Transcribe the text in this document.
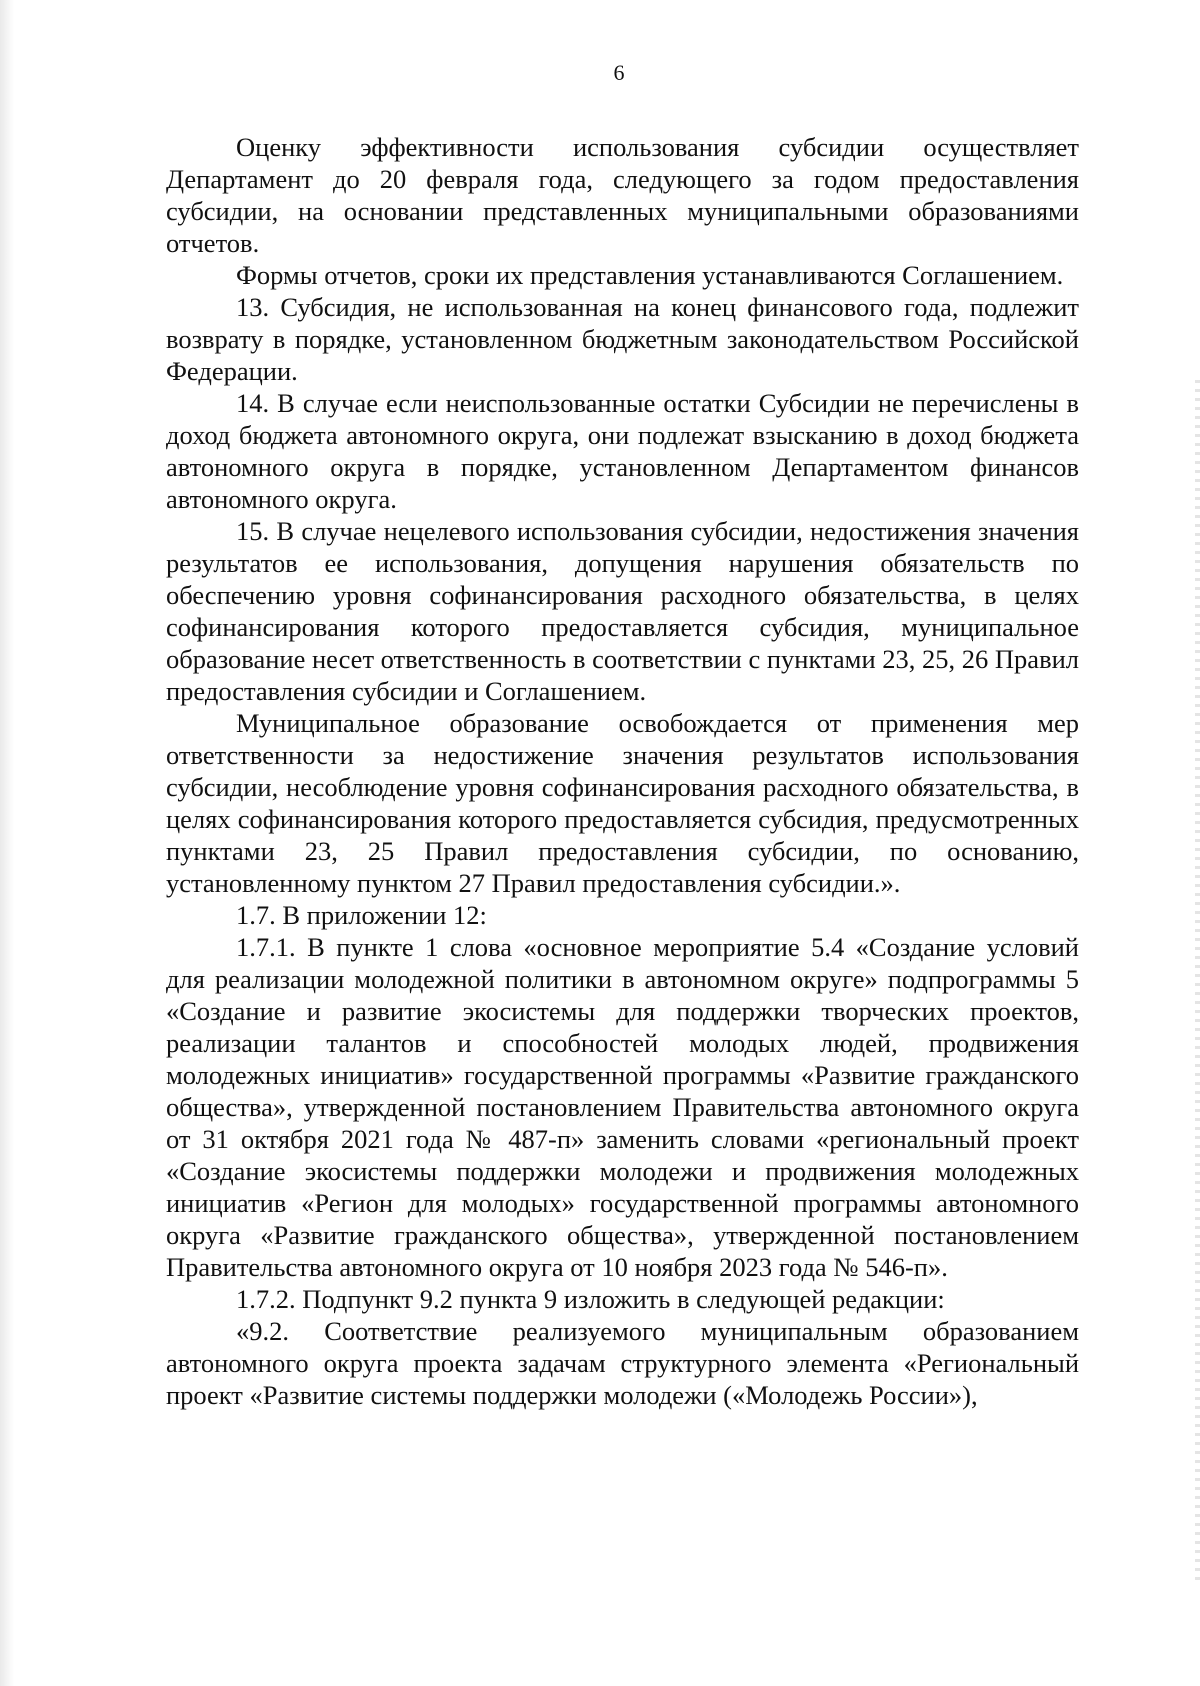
6

Оценку эффективности использования субсидии осуществляет Департамент до 20 февраля года, следующего за годом предоставления субсидии, на основании представленных муниципальными образованиями отчетов.

Формы отчетов, сроки их представления устанавливаются Соглашением.

13. Субсидия, не использованная на конец финансового года, подлежит возврату в порядке, установленном бюджетным законодательством Российской Федерации.

14. В случае если неиспользованные остатки Субсидии не перечислены в доход бюджета автономного округа, они подлежат взысканию в доход бюджета автономного округа в порядке, установленном Департаментом финансов автономного округа.

15. В случае нецелевого использования субсидии, недостижения значения результатов ее использования, допущения нарушения обязательств по обеспечению уровня софинансирования расходного обязательства, в целях софинансирования которого предоставляется субсидия, муниципальное образование несет ответственность в соответствии с пунктами 23, 25, 26 Правил предоставления субсидии и Соглашением.

Муниципальное образование освобождается от применения мер ответственности за недостижение значения результатов использования субсидии, несоблюдение уровня софинансирования расходного обязательства, в целях софинансирования которого предоставляется субсидия, предусмотренных пунктами 23, 25 Правил предоставления субсидии, по основанию, установленному пунктом 27 Правил предоставления субсидии.».

1.7. В приложении 12:

1.7.1. В пункте 1 слова «основное мероприятие 5.4 «Создание условий для реализации молодежной политики в автономном округе» подпрограммы 5 «Создание и развитие экосистемы для поддержки творческих проектов, реализации талантов и способностей молодых людей, продвижения молодежных инициатив» государственной программы «Развитие гражданского общества», утвержденной постановлением Правительства автономного округа от 31 октября 2021 года № 487-п» заменить словами «региональный проект «Создание экосистемы поддержки молодежи и продвижения молодежных инициатив «Регион для молодых» государственной программы автономного округа «Развитие гражданского общества», утвержденной постановлением Правительства автономного округа от 10 ноября 2023 года № 546-п».

1.7.2. Подпункт 9.2 пункта 9 изложить в следующей редакции:

«9.2. Соответствие реализуемого муниципальным образованием автономного округа проекта задачам структурного элемента «Региональный проект «Развитие системы поддержки молодежи («Молодежь России»),
